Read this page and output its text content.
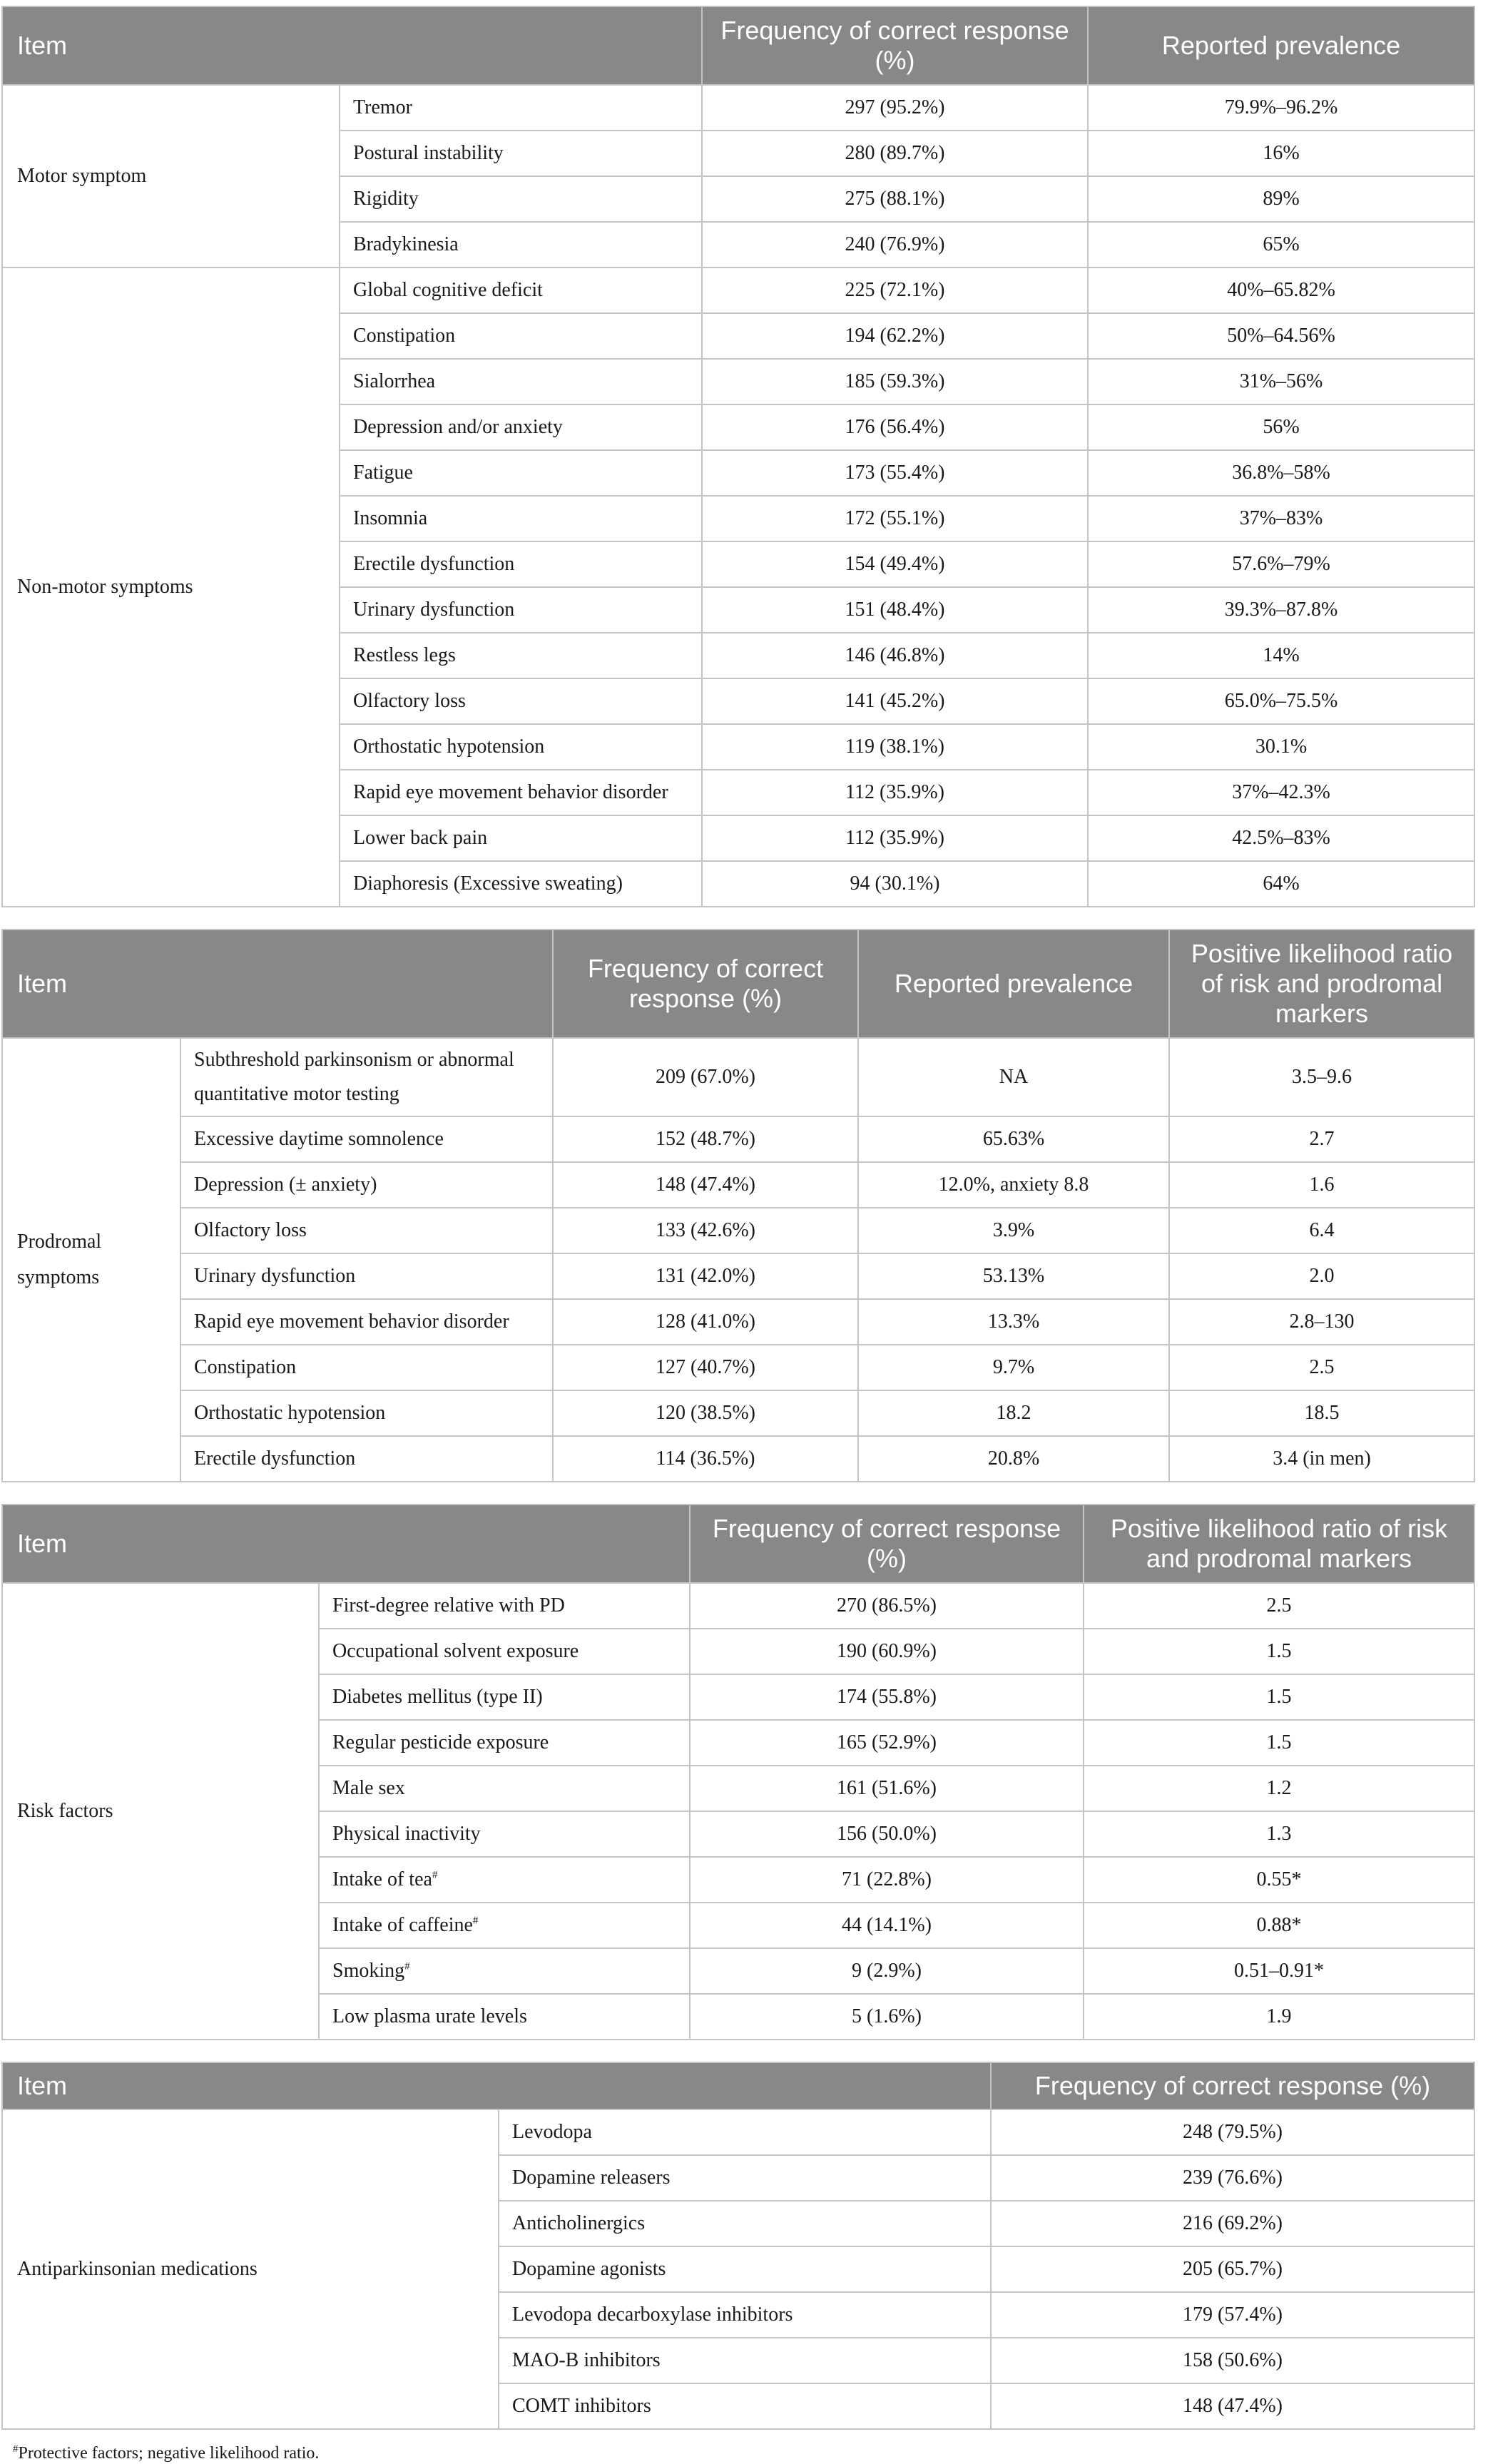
Item		Frequency of correct response (%)	Reported prevalence
Motor symptom	Tremor	297 (95.2%)	79.9%–96.2%
	Postural instability	280 (89.7%)	16%
	Rigidity	275 (88.1%)	89%
	Bradykinesia	240 (76.9%)	65%
Non-motor symptoms	Global cognitive deficit	225 (72.1%)	40%–65.82%
	Constipation	194 (62.2%)	50%–64.56%
	Sialorrhea	185 (59.3%)	31%–56%
	Depression and/or anxiety	176 (56.4%)	56%
	Fatigue	173 (55.4%)	36.8%–58%
	Insomnia	172 (55.1%)	37%–83%
	Erectile dysfunction	154 (49.4%)	57.6%–79%
	Urinary dysfunction	151 (48.4%)	39.3%–87.8%
	Restless legs	146 (46.8%)	14%
	Olfactory loss	141 (45.2%)	65.0%–75.5%
	Orthostatic hypotension	119 (38.1%)	30.1%
	Rapid eye movement behavior disorder	112 (35.9%)	37%–42.3%
	Lower back pain	112 (35.9%)	42.5%–83%
	Diaphoresis (Excessive sweating)	94 (30.1%)	64%
Item		Frequency of correct response (%)	Reported prevalence	Positive likelihood ratio of risk and prodromal markers
Prodromal symptoms	Subthreshold parkinsonism or abnormal quantitative motor testing	209 (67.0%)	NA	3.5–9.6
	Excessive daytime somnolence	152 (48.7%)	65.63%	2.7
	Depression (± anxiety)	148 (47.4%)	12.0%, anxiety 8.8	1.6
	Olfactory loss	133 (42.6%)	3.9%	6.4
	Urinary dysfunction	131 (42.0%)	53.13%	2.0
	Rapid eye movement behavior disorder	128 (41.0%)	13.3%	2.8–130
	Constipation	127 (40.7%)	9.7%	2.5
	Orthostatic hypotension	120 (38.5%)	18.2	18.5
	Erectile dysfunction	114 (36.5%)	20.8%	3.4 (in men)
Item		Frequency of correct response (%)	Positive likelihood ratio of risk and prodromal markers
Risk factors	First-degree relative with PD	270 (86.5%)	2.5
	Occupational solvent exposure	190 (60.9%)	1.5
	Diabetes mellitus (type II)	174 (55.8%)	1.5
	Regular pesticide exposure	165 (52.9%)	1.5
	Male sex	161 (51.6%)	1.2
	Physical inactivity	156 (50.0%)	1.3
	Intake of tea#	71 (22.8%)	0.55*
	Intake of caffeine#	44 (14.1%)	0.88*
	Smoking#	9 (2.9%)	0.51–0.91*
	Low plasma urate levels	5 (1.6%)	1.9
Item		Frequency of correct response (%)
Antiparkinsonian medications	Levodopa	248 (79.5%)
	Dopamine releasers	239 (76.6%)
	Anticholinergics	216 (69.2%)
	Dopamine agonists	205 (65.7%)
	Levodopa decarboxylase inhibitors	179 (57.4%)
	MAO-B inhibitors	158 (50.6%)
	COMT inhibitors	148 (47.4%)
#Protective factors; negative likelihood ratio.
